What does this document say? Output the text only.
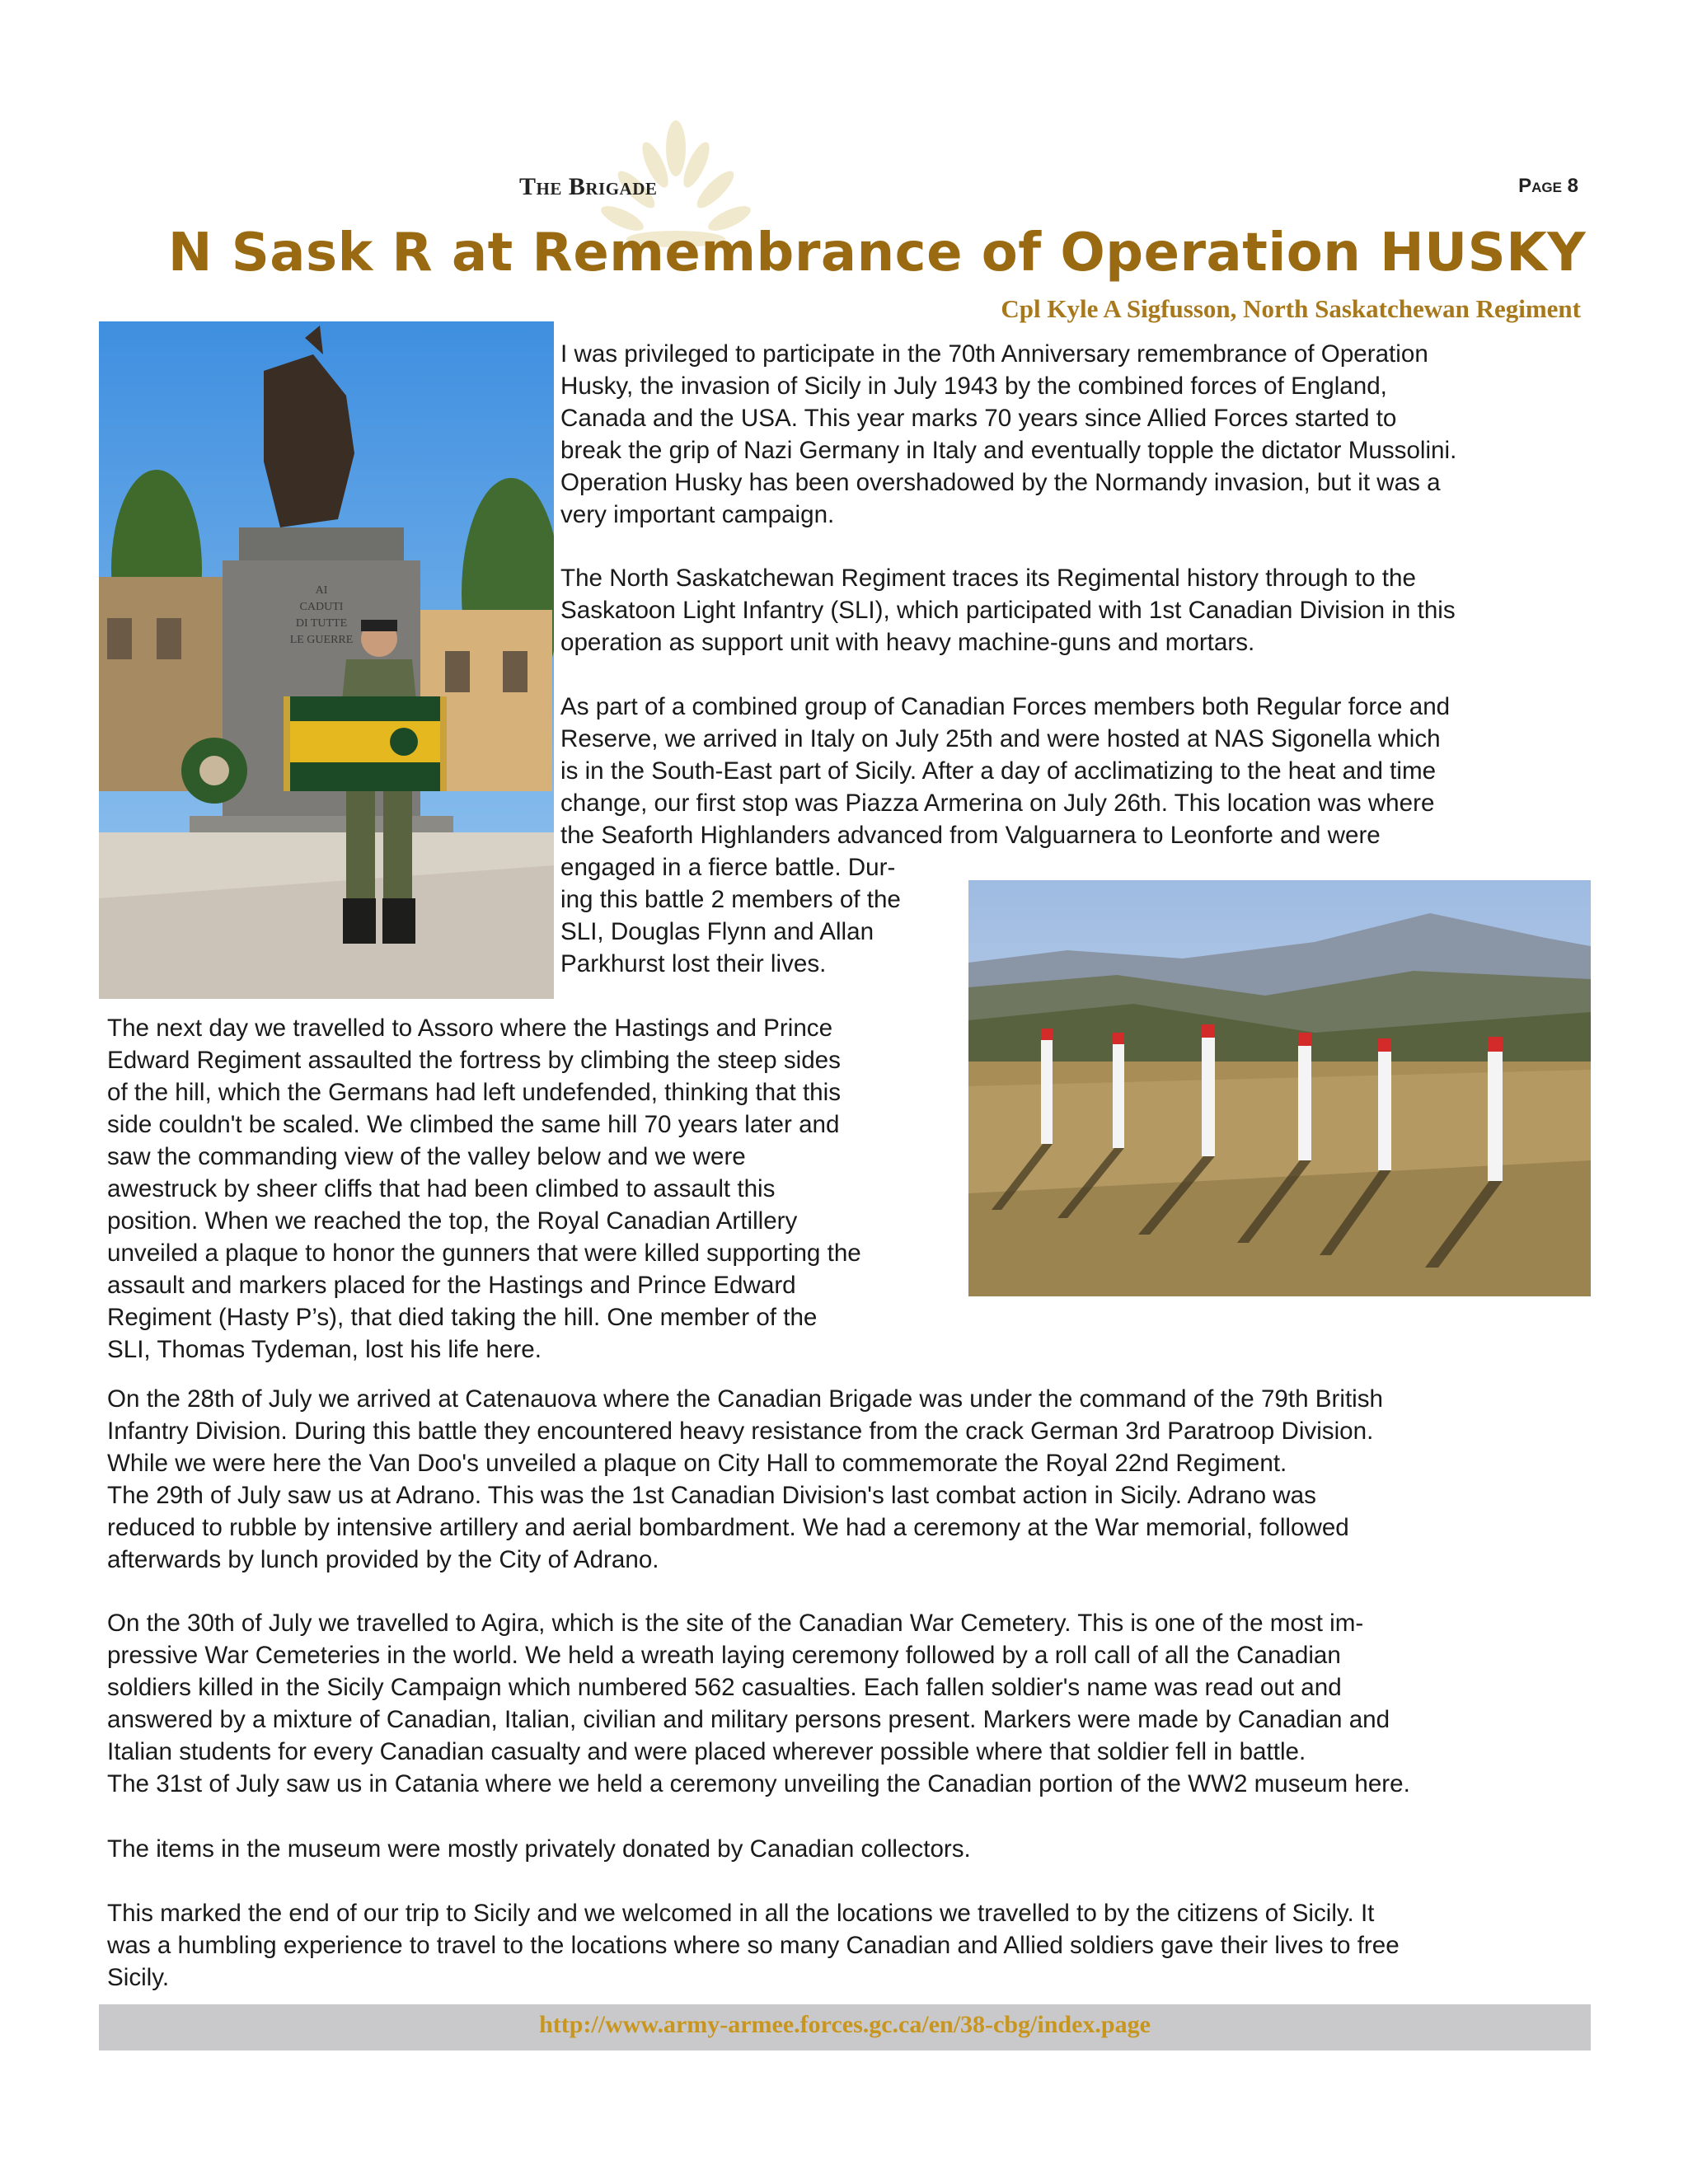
The Brigade	Page 8
N Sask R at Remembrance of Operation HUSKY
Cpl Kyle A Sigfusson, North Saskatchewan Regiment
AI
CADUTI
DI TUTTE
LE GUERRE
I was privileged to participate in the 70th Anniversary remembrance of Operation
Husky, the invasion of Sicily in July 1943 by the combined forces of England,
Canada and the USA. This year marks 70 years since Allied Forces started to
break the grip of Nazi Germany in Italy and eventually topple the dictator Mussolini.
Operation Husky has been overshadowed by the Normandy invasion, but it was a
very important campaign.
The North Saskatchewan Regiment traces its Regimental history through to the
Saskatoon Light Infantry (SLI), which participated with 1st Canadian Division in this
operation as support unit with heavy machine-guns and mortars.
As part of a combined group of Canadian Forces members both Regular force and
Reserve, we arrived in Italy on July 25th and were hosted at NAS Sigonella which
is in the South-East part of Sicily. After a day of acclimatizing to the heat and time
change, our first stop was Piazza Armerina on July 26th. This location was where
the Seaforth Highlanders advanced from Valguarnera to Leonforte and were
engaged in a fierce battle. Dur-
ing this battle 2 members of the
SLI, Douglas Flynn and Allan
Parkhurst lost their lives.
The next day we travelled to Assoro where the Hastings and Prince
Edward Regiment assaulted the fortress by climbing the steep sides
of the hill, which the Germans had left undefended, thinking that this
side couldn't be scaled. We climbed the same hill 70 years later and
saw the commanding view of the valley below and we were
awestruck by sheer cliffs that had been climbed to assault this
position. When we reached the top, the Royal Canadian Artillery
unveiled a plaque to honor the gunners that were killed supporting the
assault and markers placed for the Hastings and Prince Edward
Regiment (Hasty P’s), that died taking the hill. One member of the
SLI, Thomas Tydeman, lost his life here.
On the 28th of July we arrived at Catenauova where the Canadian Brigade was under the command of the 79th British
Infantry Division. During this battle they encountered heavy resistance from the crack German 3rd Paratroop Division.
While we were here the Van Doo's unveiled a plaque on City Hall to commemorate the Royal 22nd Regiment.
The 29th of July saw us at Adrano. This was the 1st Canadian Division's last combat action in Sicily. Adrano was
reduced to rubble by intensive artillery and aerial bombardment. We had a ceremony at the War memorial, followed
afterwards by lunch provided by the City of Adrano.
On the 30th of July we travelled to Agira, which is the site of the Canadian War Cemetery. This is one of the most im-
pressive War Cemeteries in the world. We held a wreath laying ceremony followed by a roll call of all the Canadian
soldiers killed in the Sicily Campaign which numbered 562 casualties. Each fallen soldier's name was read out and
answered by a mixture of Canadian, Italian, civilian and military persons present. Markers were made by Canadian and
Italian students for every Canadian casualty and were placed wherever possible where that soldier fell in battle.
The 31st of July saw us in Catania where we held a ceremony unveiling the Canadian portion of the WW2 museum here.
The items in the museum were mostly privately donated by Canadian collectors.
This marked the end of our trip to Sicily and we welcomed in all the locations we travelled to by the citizens of Sicily. It
was a humbling experience to travel to the locations where so many Canadian and Allied soldiers gave their lives to free
Sicily.
http://www.army-armee.forces.gc.ca/en/38-cbg/index.page
